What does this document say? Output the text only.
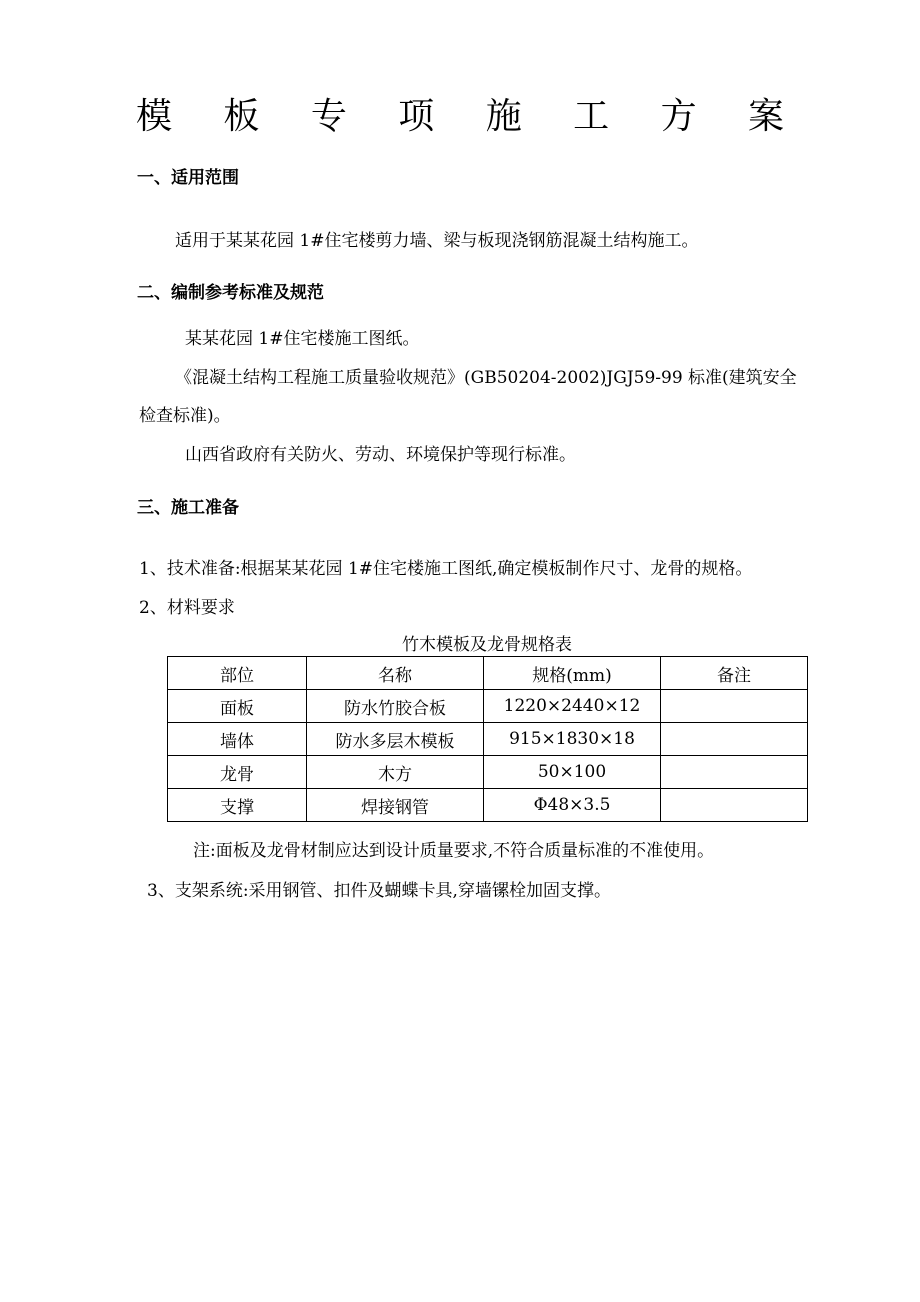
模 板 专 项 施 工 方 案
一、适用范围
适用于某某花园 1#住宅楼剪力墙、梁与板现浇钢筋混凝土结构施工。
二、编制参考标准及规范
某某花园 1#住宅楼施工图纸。
《混凝土结构工程施工质量验收规范》(GB50204-2002)JGJ59-99 标准(建筑安全
检查标准)。
山西省政府有关防火、劳动、环境保护等现行标准。
三、施工准备
1、技术准备:根据某某花园 1#住宅楼施工图纸,确定模板制作尺寸、龙骨的规格。
2、材料要求
竹木模板及龙骨规格表
部位	名称	规格(mm)	备注
面板	防水竹胶合板	1220×2440×12	
墙体	防水多层木模板	915×1830×18	
龙骨	木方	50×100	
支撑	焊接钢管	Φ48×3.5	
注:面板及龙骨材制应达到设计质量要求,不符合质量标准的不准使用。
3、支架系统:采用钢管、扣件及蝴蝶卡具,穿墙镙栓加固支撑。
